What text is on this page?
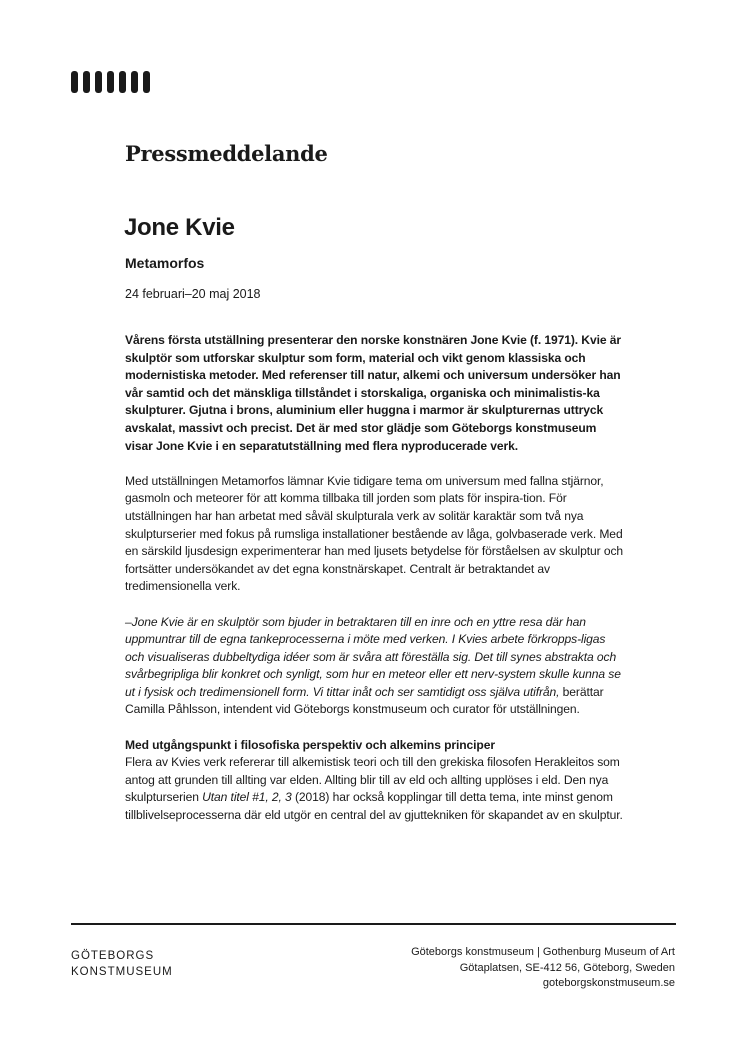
Pressmeddelande
Jone Kvie
Metamorfos

24 februari–20 maj 2018

Vårens första utställning presenterar den norske konstnären Jone Kvie (f. 1971). Kvie är skulptör som utforskar skulptur som form, material och vikt genom klassiska och modernistiska metoder. Med referenser till natur, alkemi och universum undersöker han vår samtid och det mänskliga tillståndet i storskaliga, organiska och minimalistis-ka skulpturer. Gjutna i brons, aluminium eller huggna i marmor är skulpturernas uttryck avskalat, massivt och precist. Det är med stor glädje som Göteborgs konstmuseum visar Jone Kvie i en separatutställning med flera nyproducerade verk.

Med utställningen Metamorfos lämnar Kvie tidigare tema om universum med fallna stjärnor, gasmoln och meteorer för att komma tillbaka till jorden som plats för inspira-tion. För utställningen har han arbetat med såväl skulpturala verk av solitär karaktär som två nya skulpturserier med fokus på rumsliga installationer bestående av låga, golvbaserade verk. Med en särskild ljusdesign experimenterar han med ljusets betydelse för förståelsen av skulptur och fortsätter undersökandet av det egna konstnärskapet. Centralt är betraktandet av tredimensionella verk.

–Jone Kvie är en skulptör som bjuder in betraktaren till en inre och en yttre resa där han uppmuntrar till de egna tankeprocesserna i möte med verken. I Kvies arbete förkropps-ligas och visualiseras dubbeltydiga idéer som är svåra att föreställa sig. Det till synes abstrakta och svårbegripliga blir konkret och synligt, som hur en meteor eller ett nerv-system skulle kunna se ut i fysisk och tredimensionell form. Vi tittar inåt och ser samtidigt oss själva utifrån, berättar Camilla Påhlsson, intendent vid Göteborgs konstmuseum och curator för utställningen.

Med utgångspunkt i filosofiska perspektiv och alkemins principer
Flera av Kvies verk refererar till alkemistisk teori och till den grekiska filosofen Herakleitos som antog att grunden till allting var elden. Allting blir till av eld och allting upplöses i eld. Den nya skulpturserien Utan titel #1, 2, 3 (2018) har också kopplingar till detta tema, inte minst genom tillblivelseprocesserna där eld utgör en central del av gjuttekniken för skapandet av en skulptur.

GÖTEBORGS
KONSTMUSEUM
Göteborgs konstmuseum | Gothenburg Museum of Art
Götaplatsen, SE-412 56, Göteborg, Sweden
goteborgskonstmuseum.se
